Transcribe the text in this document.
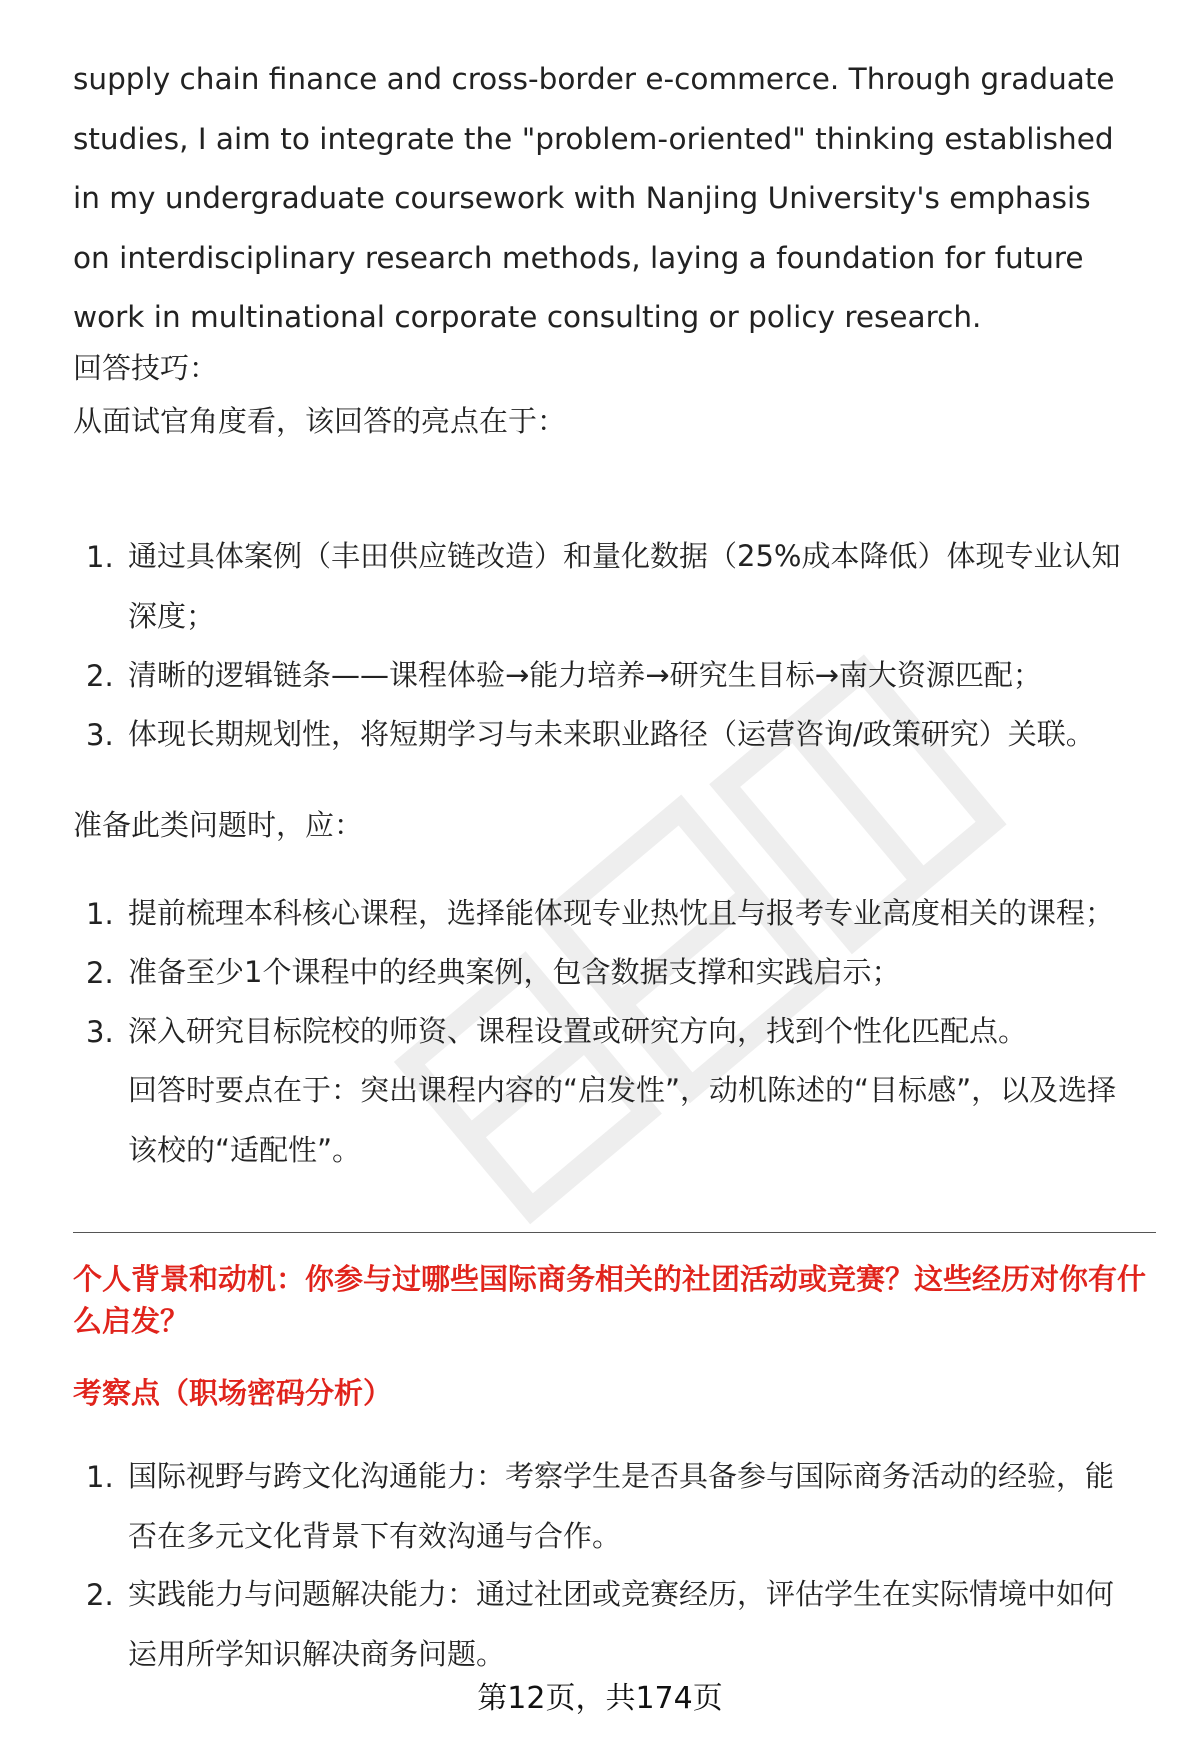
supply chain finance and cross-border e-commerce. Through graduate studies, I aim to integrate the "problem-oriented" thinking established in my undergraduate coursework with Nanjing University's emphasis on interdisciplinary research methods, laying a foundation for future work in multinational corporate consulting or policy research.

回答技巧：

从面试官角度看，该回答的亮点在于：

1. 通过具体案例（丰田供应链改造）和量化数据（25%成本降低）体现专业认知深度；

2. 清晰的逻辑链条——课程体验→能力培养→研究生目标→南大资源匹配；

3. 体现长期规划性，将短期学习与未来职业路径（运营咨询/政策研究）关联。

准备此类问题时，应：

1. 提前梳理本科核心课程，选择能体现专业热忱且与报考专业高度相关的课程；

2. 准备至少1个课程中的经典案例，包含数据支撑和实践启示；

3. 深入研究目标院校的师资、课程设置或研究方向，找到个性化匹配点。

回答时要点在于：突出课程内容的“启发性”，动机陈述的“目标感”，以及选择该校的“适配性”。

个人背景和动机：你参与过哪些国际商务相关的社团活动或竞赛？这些经历对你有什么启发？

考察点（职场密码分析）

1. 国际视野与跨文化沟通能力：考察学生是否具备参与国际商务活动的经验，能否在多元文化背景下有效沟通与合作。

2. 实践能力与问题解决能力：通过社团或竞赛经历，评估学生在实际情境中如何运用所学知识解决商务问题。

第12页，共174页
